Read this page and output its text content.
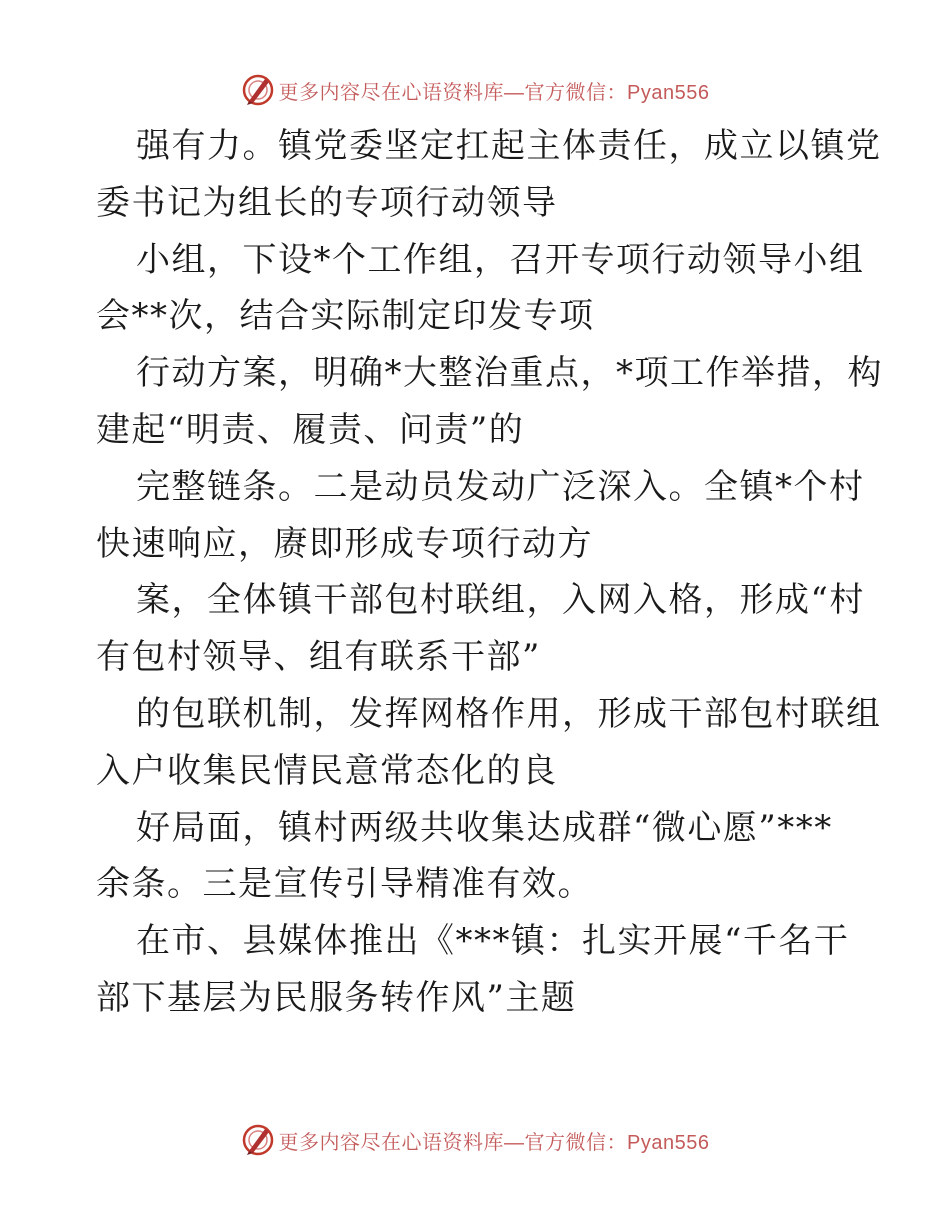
更多内容尽在心语资料库—官方微信：Pyan556
强有力。镇党委坚定扛起主体责任，成立以镇党
委书记为组长的专项行动领导
小组，下设*个工作组，召开专项行动领导小组
会**次，结合实际制定印发专项
行动方案，明确*大整治重点，*项工作举措，构
建起“明责、履责、问责”的
完整链条。二是动员发动广泛深入。全镇*个村
快速响应，赓即形成专项行动方
案，全体镇干部包村联组，入网入格，形成“村
有包村领导、组有联系干部”
的包联机制，发挥网格作用，形成干部包村联组
入户收集民情民意常态化的良
好局面，镇村两级共收集达成群“微心愿”***
余条。三是宣传引导精准有效。
在市、县媒体推出《***镇：扎实开展“千名干
部下基层为民服务转作风”主题
更多内容尽在心语资料库—官方微信：Pyan556
